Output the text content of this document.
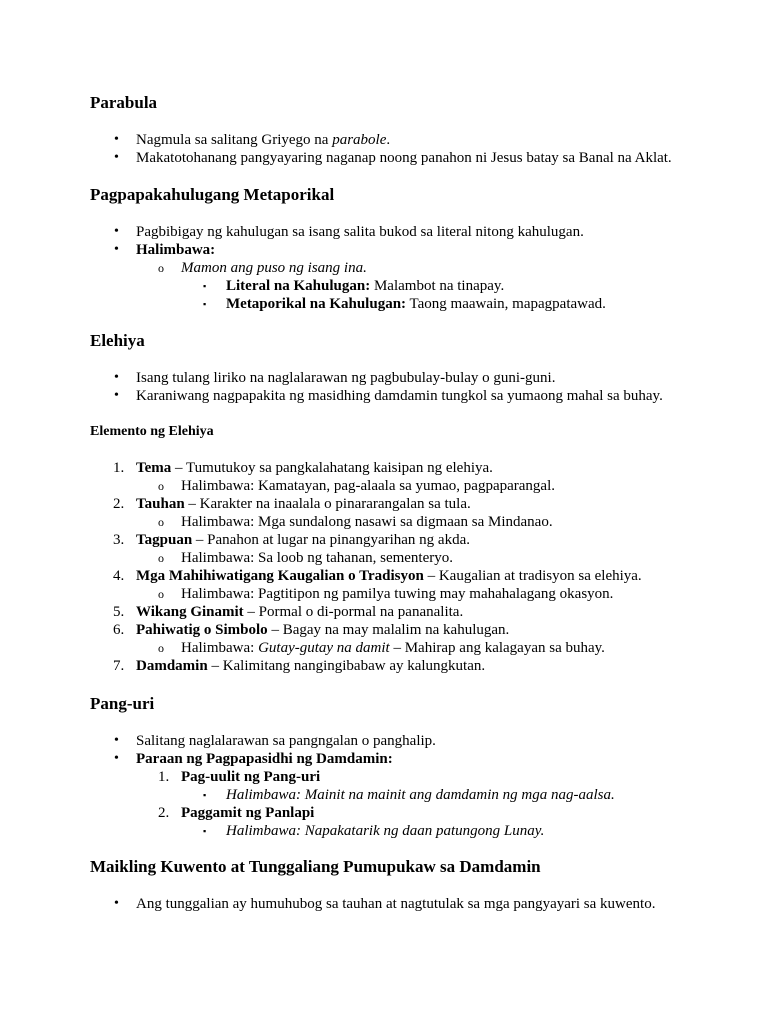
Parabula
• Nagmula sa salitang Griyego na parabole.
• Makatotohanang pangyayaring naganap noong panahon ni Jesus batay sa Banal na Aklat.
Pagpapakahulugang Metaporikal
• Pagbibigay ng kahulugan sa isang salita bukod sa literal nitong kahulugan.
• Halimbawa:
o Mamon ang puso ng isang ina.
▪ Literal na Kahulugan: Malambot na tinapay.
▪ Metaporikal na Kahulugan: Taong maawain, mapagpatawad.
Elehiya
• Isang tulang liriko na naglalarawan ng pagbubulay-bulay o guni-guni.
• Karaniwang nagpapakita ng masidhing damdamin tungkol sa yumaong mahal sa buhay.
Elemento ng Elehiya
1. Tema – Tumutukoy sa pangkalahatang kaisipan ng elehiya.
o Halimbawa: Kamatayan, pag-alaala sa yumao, pagpaparangal.
2. Tauhan – Karakter na inaalala o pinararangalan sa tula.
o Halimbawa: Mga sundalong nasawi sa digmaan sa Mindanao.
3. Tagpuan – Panahon at lugar na pinangyarihan ng akda.
o Halimbawa: Sa loob ng tahanan, sementeryo.
4. Mga Mahihiwatigang Kaugalian o Tradisyon – Kaugalian at tradisyon sa elehiya.
o Halimbawa: Pagtitipon ng pamilya tuwing may mahahalagang okasyon.
5. Wikang Ginamit – Pormal o di-pormal na pananalita.
6. Pahiwatig o Simbolo – Bagay na may malalim na kahulugan.
o Halimbawa: Gutay-gutay na damit – Mahirap ang kalagayan sa buhay.
7. Damdamin – Kalimitang nangingibabaw ay kalungkutan.
Pang-uri
• Salitang naglalarawan sa pangngalan o panghalip.
• Paraan ng Pagpapasidhi ng Damdamin:
1. Pag-uulit ng Pang-uri
▪ Halimbawa: Mainit na mainit ang damdamin ng mga nag-aalsa.
2. Paggamit ng Panlapi
▪ Halimbawa: Napakatarik ng daan patungong Lunay.
Maikling Kuwento at Tunggaliang Pumupukaw sa Damdamin
• Ang tunggalian ay humuhubog sa tauhan at nagtutulak sa mga pangyayari sa kuwento.
